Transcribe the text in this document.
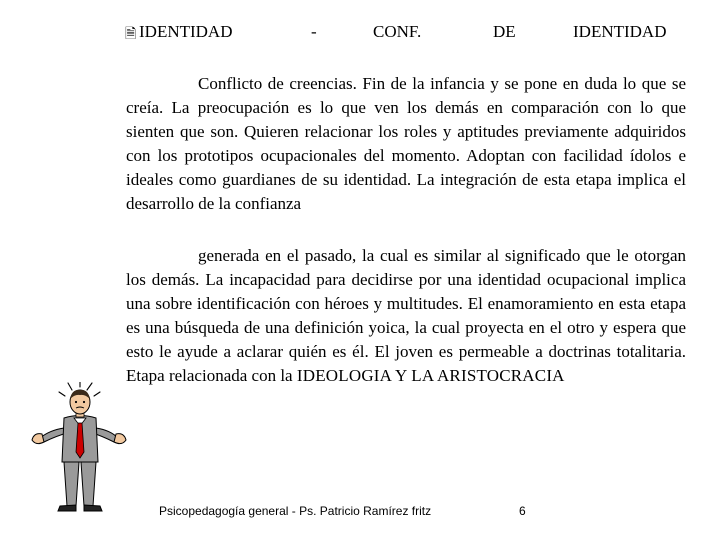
🗎 IDENTIDAD	-	CONF.	DE	IDENTIDAD
Conflicto de creencias. Fin de la infancia y se pone en duda lo que se creía. La preocupación es lo que ven los demás en comparación con lo que sienten que son. Quieren relacionar los roles y aptitudes previamente adquiridos con los prototipos ocupacionales del momento. Adoptan con facilidad ídolos e ideales como guardianes de su identidad. La integración de esta etapa implica el desarrollo de la confianza
generada en el pasado, la cual es similar al significado que le otorgan los demás. La incapacidad para decidirse por una identidad ocupacional implica una sobre identificación con héroes y multitudes. El enamoramiento en esta etapa es una búsqueda de una definición yoica, la cual proyecta en el otro y espera que esto le ayude a aclarar quién es él. El joven es permeable a doctrinas totalitaria. Etapa relacionada con la IDEOLOGIA Y LA ARISTOCRACIA
Psicopedagogía general - Ps. Patricio Ramírez fritz	6
